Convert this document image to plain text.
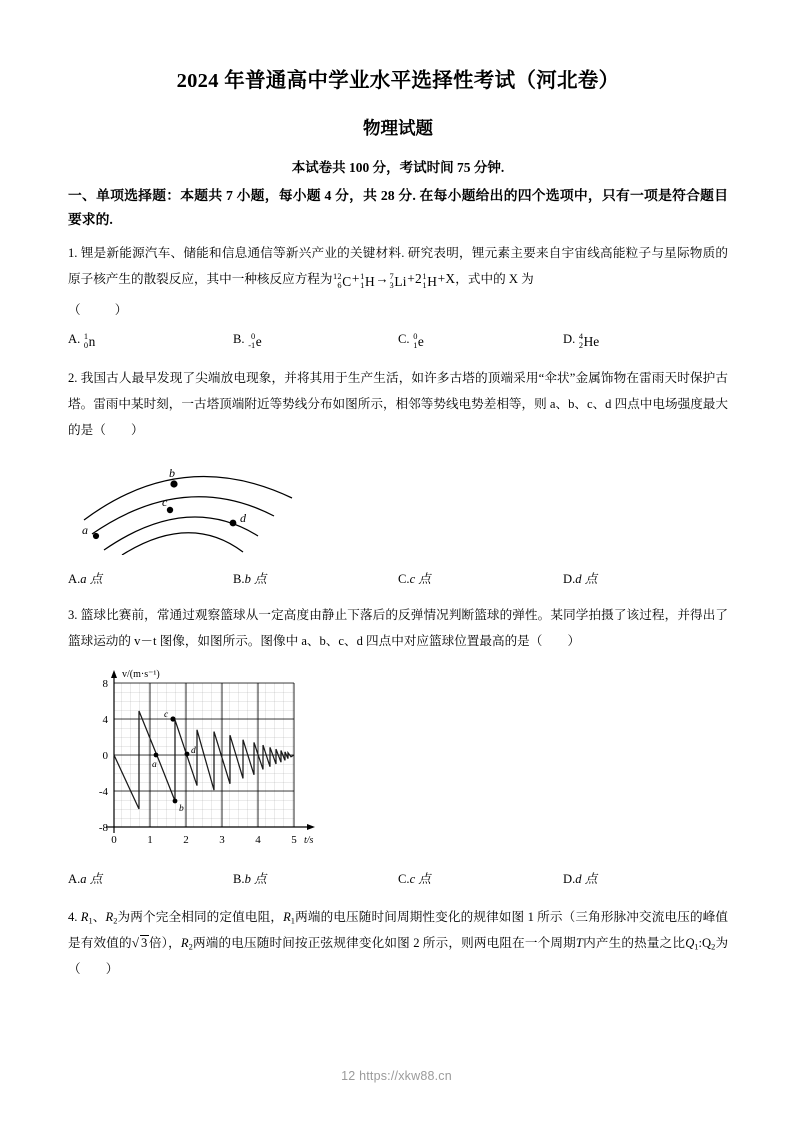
2024 年普通高中学业水平选择性考试（河北卷）
物理试题
本试卷共 100 分，考试时间 75 分钟.
一、单项选择题：本题共 7 小题，每小题 4 分，共 28 分. 在每小题给出的四个选项中，只有一项是符合题目要求的.
1. 锂是新能源汽车、储能和信息通信等新兴产业的关键材料. 研究表明，锂元素主要来自宇宙线高能粒子与星际物质的原子核产生的散裂反应，其中一种核反应方程为 12
6 C+ 1
1 H→ 7
3 Li+2 1
1 H+X，式中的 X 为
（　　）
A. 1
0 n	B. 0
-1 e	C. 0
1 e	D. 4
2 He
2. 我国古人最早发现了尖端放电现象，并将其用于生产生活，如许多古塔的顶端采用“伞状”金属饰物在雷雨天时保护古塔。雷雨中某时刻，一古塔顶端附近等势线分布如图所示，相邻等势线电势差相等，则 a、b、c、d 四点中电场强度最大的是（　　）
a
b
c
d
A.a 点	B.b 点	C.c 点	D.d 点
3. 篮球比赛前，常通过观察篮球从一定高度由静止下落后的反弹情况判断篮球的弹性。某同学拍摄了该过程，并得出了篮球运动的 v－t 图像，如图所示。图像中 a、b、c、d 四点中对应篮球位置最高的是（　　）
a
b
c
d
0	1	2	3	4	5
8
4
0
-4
-8
v/(m·s⁻¹)
t/s
A.a 点	B.b 点	C.c 点	D.d 点
4. $R_1$、$R_2$为两个完全相同的定值电阻，$R_1$两端的电压随时间周期性变化的规律如图 1 所示（三角形脉冲交流电压的峰值是有效值的√ 3 倍），$R_2$两端的电压随时间按正弦规律变化如图 2 所示，则两电阻在一个周期T内产生的热量之比$Q_1:Q_2$为（　　）
12 https://xkw88.cn
